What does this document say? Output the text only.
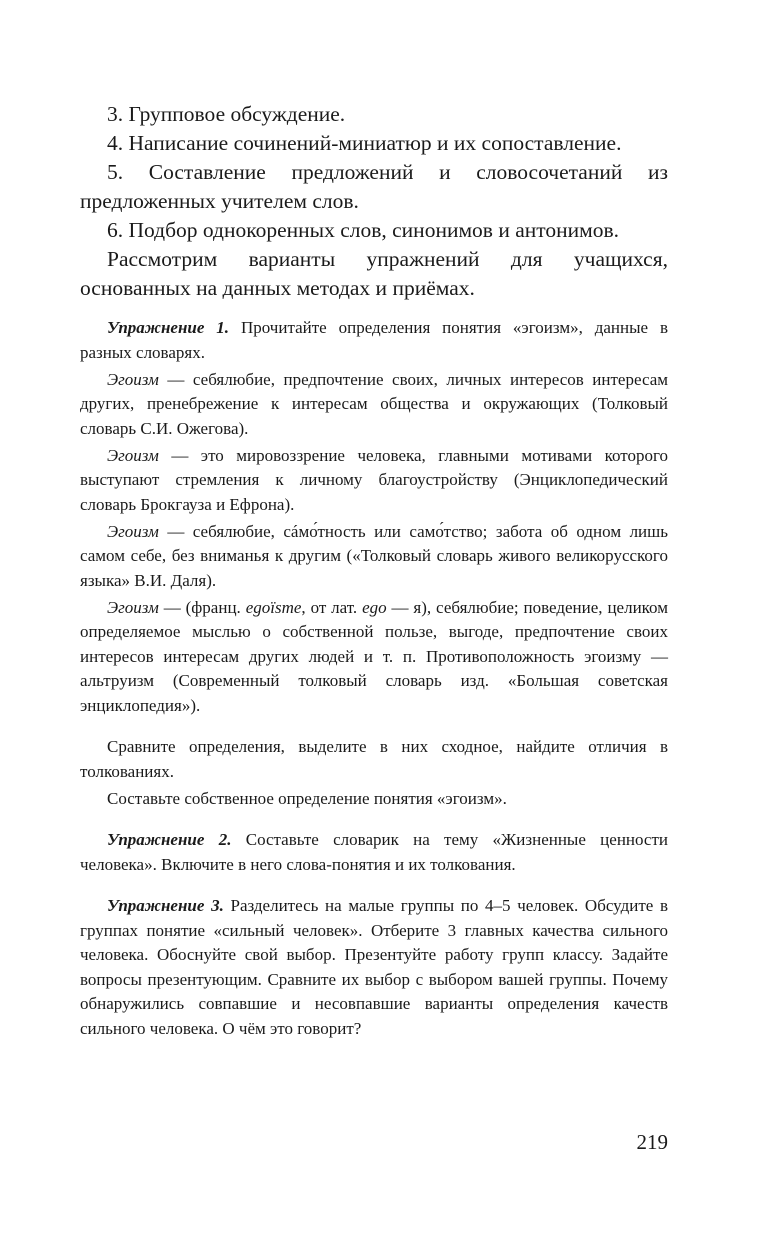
3. Групповое обсуждение.

4. Написание сочинений-миниатюр и их сопоставление.

5. Составление предложений и словосочетаний из предложенных учителем слов.

6. Подбор однокоренных слов, синонимов и антонимов.

Рассмотрим варианты упражнений для учащихся, основанных на данных методах и приёмах.

Упражнение 1. Прочитайте определения понятия «эгоизм», данные в разных словарях.

Эгоизм — себялюбие, предпочтение своих, личных интересов интересам других, пренебрежение к интересам общества и окружающих (Толковый словарь С.И. Ожегова).

Эгоизм — это мировоззрение человека, главными мотивами которого выступают стремления к личному благоустройству (Энциклопедический словарь Брокгауза и Ефрона).

Эгоизм — себялюбие, сáмо́тность или само́тство; забота об одном лишь самом себе, без вниманья к другим («Толковый словарь живого великорусского языка» В.И. Даля).

Эгоизм — (франц. egoïsme, от лат. ego — я), себялюбие; поведение, целиком определяемое мыслью о собственной пользе, выгоде, предпочтение своих интересов интересам других людей и т. п. Противоположность эгоизму — альтруизм (Современный толковый словарь изд. «Большая советская энциклопедия»).

Сравните определения, выделите в них сходное, найдите отличия в толкованиях.

Составьте собственное определение понятия «эгоизм».

Упражнение 2. Составьте словарик на тему «Жизненные ценности человека». Включите в него слова-понятия и их толкования.

Упражнение 3. Разделитесь на малые группы по 4–5 человек. Обсудите в группах понятие «сильный человек». Отберите 3 главных качества сильного человека. Обоснуйте свой выбор. Презентуйте работу групп классу. Задайте вопросы презентующим. Сравните их выбор с выбором вашей группы. Почему обнаружились совпавшие и несовпавшие варианты определения качеств сильного человека. О чём это говорит?

219
